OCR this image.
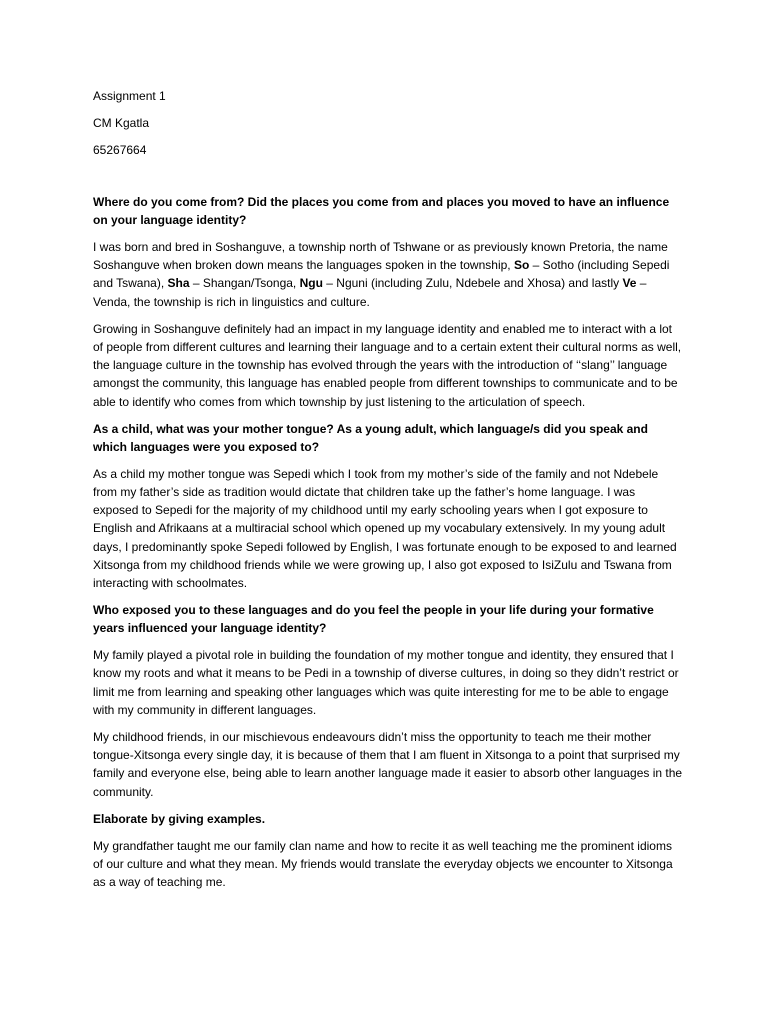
Assignment 1
CM Kgatla
65267664
Where do you come from? Did the places you come from and places you moved to have an influence on your language identity?
I was born and bred in Soshanguve, a township north of Tshwane or as previously known Pretoria, the name Soshanguve when broken down means the languages spoken in the township, So – Sotho (including Sepedi and Tswana), Sha – Shangan/Tsonga, Ngu – Nguni (including Zulu, Ndebele and Xhosa) and lastly Ve – Venda, the township is rich in linguistics and culture.
Growing in Soshanguve definitely had an impact in my language identity and enabled me to interact with a lot of people from different cultures and learning their language and to a certain extent their cultural norms as well, the language culture in the township has evolved through the years with the introduction of ‘‘slang’’ language amongst the community, this language has enabled people from different townships to communicate and to be able to identify who comes from which township by just listening to the articulation of speech.
As a child, what was your mother tongue? As a young adult, which language/s did you speak and which languages were you exposed to?
As a child my mother tongue was Sepedi which I took from my mother’s side of the family and not Ndebele from my father’s side as tradition would dictate that children take up the father’s home language. I was exposed to Sepedi for the majority of my childhood until my early schooling years when I got exposure to English and Afrikaans at a multiracial school which opened up my vocabulary extensively. In my young adult days, I predominantly spoke Sepedi followed by English, I was fortunate enough to be exposed to and learned Xitsonga from my childhood friends while we were growing up, I also got exposed to IsiZulu and Tswana from interacting with schoolmates.
Who exposed you to these languages and do you feel the people in your life during your formative years influenced your language identity?
My family played a pivotal role in building the foundation of my mother tongue and identity, they ensured that I know my roots and what it means to be Pedi in a township of diverse cultures, in doing so they didn’t restrict or limit me from learning and speaking other languages which was quite interesting for me to be able to engage with my community in different languages.
My childhood friends, in our mischievous endeavours didn’t miss the opportunity to teach me their mother tongue-Xitsonga every single day, it is because of them that I am fluent in Xitsonga to a point that surprised my family and everyone else, being able to learn another language made it easier to absorb other languages in the community.
Elaborate by giving examples.
My grandfather taught me our family clan name and how to recite it as well teaching me the prominent idioms of our culture and what they mean. My friends would translate the everyday objects we encounter to Xitsonga as a way of teaching me.
